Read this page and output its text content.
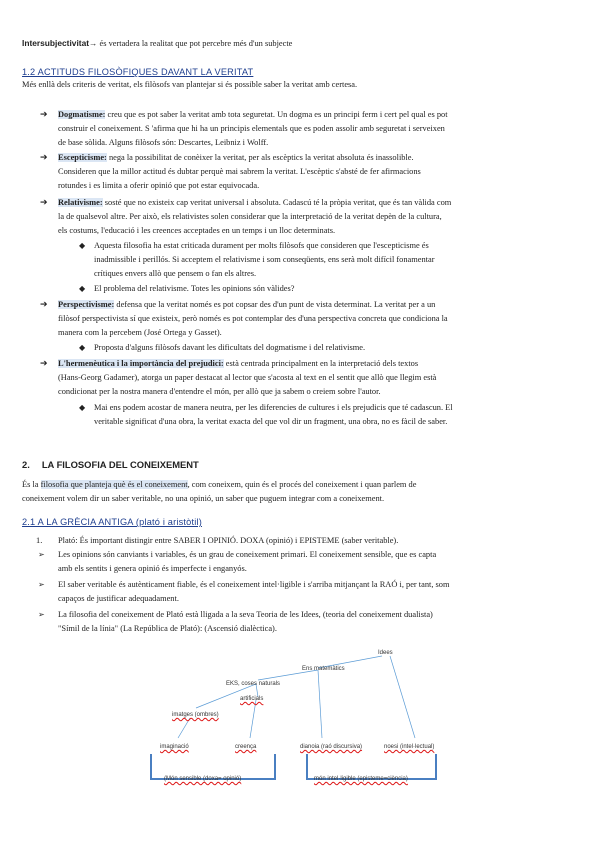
Intersubjectivitat→ és vertadera la realitat que pot percebre més d'un subjecte
1.2 ACTITUDS FILOSÒFIQUES DAVANT LA VERITAT
Més enllà dels criteris de veritat, els filòsofs van plantejar si és possible saber la veritat amb certesa.
➔ Dogmatisme: creu que es pot saber la veritat amb tota seguretat. Un dogma es un principi ferm i cert pel qual es pot
construir el coneixement. S 'afirma que hi ha un principis elementals que es poden assolir amb seguretat i serveixen
de base sòlida. Alguns filòsofs són: Descartes, Leibniz i Wolff.
➔ Escepticisme: nega la possibilitat de conèixer la veritat, per als escèptics la veritat absoluta és inassolible.
Consideren que la millor actitud és dubtar perquè mai sabrem la veritat. L'escèptic s'absté de fer afirmacions
rotundes i es limita a oferir opinió que pot estar equivocada.
➔ Relativisme: sosté que no existeix cap veritat universal i absoluta. Cadascú té la pròpia veritat, que és tan vàlida com
la de qualsevol altre. Per això, els relativistes solen considerar que la interpretació de la veritat depèn de la cultura,
els costums, l'educació i les creences acceptades en un temps i un lloc determinats.
◆ Aquesta filosofia ha estat criticada durament per molts filòsofs que consideren que l'escepticisme és
inadmissible i perillós. Si acceptem el relativisme i som conseqüents, ens serà molt difícil fonamentar
crítiques envers allò que pensem o fan els altres.
◆ El problema del relativisme. Totes les opinions són vàlides?
➔ Perspectivisme: defensa que la veritat només es pot copsar des d'un punt de vista determinat. La veritat per a un
filòsof perspectivista sí que existeix, però només es pot contemplar des d'una perspectiva concreta que condiciona la
manera com la percebem (José Ortega y Gasset).
◆ Proposta d'alguns filòsofs davant les dificultats del dogmatisme i del relativisme.
➔ L'hermenèutica i la importància del prejudici: està centrada principalment en la interpretació dels textos
(Hans-Georg Gadamer), atorga un paper destacat al lector que s'acosta al text en el sentit que allò que llegim està
condicionat per la nostra manera d'entendre el món, per allò que ja sabem o creiem sobre l'autor.
◆ Mai ens podem acostar de manera neutra, per les diferencies de cultures i els prejudicis que té cadascun. El
veritable significat d'una obra, la veritat exacta del que vol dir un fragment, una obra, no es fàcil de saber.
2. LA FILOSOFIA DEL CONEIXEMENT
És la filosofia que planteja què és el coneixement, com coneixem, quin és el procés del coneixement i quan parlem de
coneixement volem dir un saber veritable, no una opinió, un saber que puguem integrar com a coneixement.
2.1 A LA GRÈCIA ANTIGA (plató i aristòtil)
1. Plató: És important distingir entre SABER I OPINIÓ. DOXA (opinió) i EPISTEME (saber veritable).
➢ Les opinions són canviants i variables, és un grau de coneixement primari. El coneixement sensible, que es capta
amb els sentits i genera opinió és imperfecte i enganyós.
➢ El saber veritable és autènticament fiable, és el coneixement intel·ligible i s'arriba mitjançant la RAÓ i, per tant, som
capaços de justificar adequadament.
➢ La filosofia del coneixement de Plató està lligada a la seva Teoria de les Idees, (teoria del coneixement dualista)
"Símil de la línia" (La República de Plató): (Ascensió dialèctica).
Idees
Ens matemàtics
EKS, coses naturals
artificials
imatges (ombres)
imaginació	creença	dianoia (raó discursiva)	noesi (intel·lectual)
(Món sensible (doxa= opinió)	món intel·ligible (episteme=ciència)
